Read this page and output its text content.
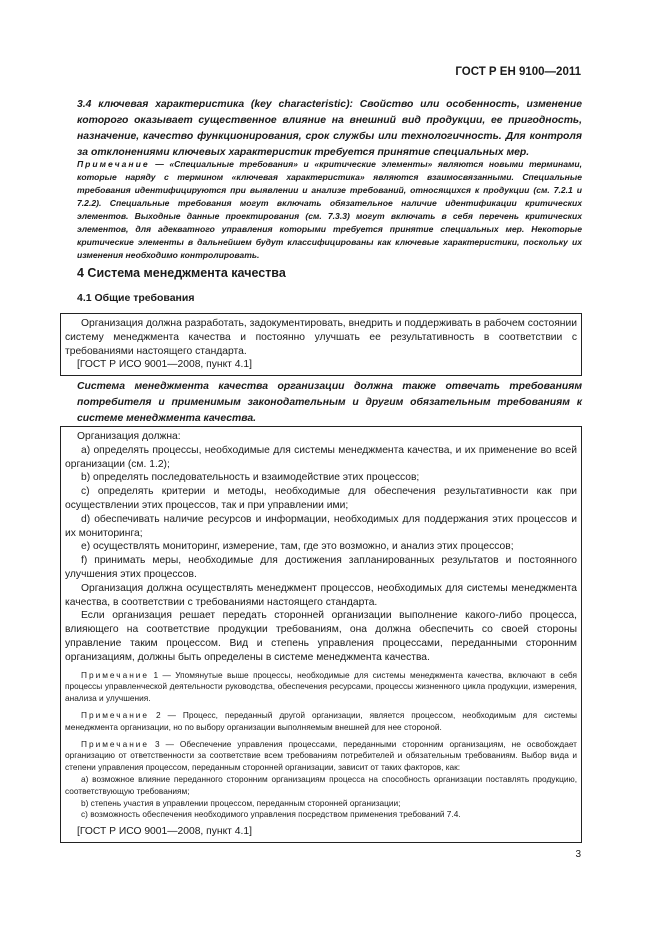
ГОСТ Р ЕН 9100—2011

3.4 ключевая характеристика (key characteristic): Свойство или особенность, изменение которого оказывает существенное влияние на внешний вид продукции, ее пригодность, назначение, качество функционирования, срок службы или технологичность. Для контроля за отклонениями ключевых характеристик требуется принятие специальных мер.

Примечание — «Специальные требования» и «критические элементы» являются новыми терминами, которые наряду с термином «ключевая характеристика» являются взаимосвязанными. Специальные требования идентифицируются при выявлении и анализе требований, относящихся к продукции (см. 7.2.1 и 7.2.2). Специальные требования могут включать обязательное наличие идентификации критических элементов. Выходные данные проектирования (см. 7.3.3) могут включать в себя перечень критических элементов, для адекватного управления которыми требуется принятие специальных мер. Некоторые критические элементы в дальнейшем будут классифицированы как ключевые характеристики, поскольку их изменения необходимо контролировать.
4 Система менеджмента качества
4.1 Общие требования

Организация должна разработать, задокументировать, внедрить и поддерживать в рабочем состоянии систему менеджмента качества и постоянно улучшать ее результативность в соответствии с требованиями настоящего стандарта.

[ГОСТ Р ИСО 9001—2008, пункт 4.1]

Система менеджмента качества организации должна также отвечать требованиям потребителя и применимым законодательным и другим обязательным требованиям к системе менеджмента качества.

Организация должна:

а) определять процессы, необходимые для системы менеджмента качества, и их применение во всей организации (см. 1.2);

b) определять последовательность и взаимодействие этих процессов;

с) определять критерии и методы, необходимые для обеспечения результативности как при осуществлении этих процессов, так и при управлении ими;

d) обеспечивать наличие ресурсов и информации, необходимых для поддержания этих процессов и их мониторинга;

е) осуществлять мониторинг, измерение, там, где это возможно, и анализ этих процессов;

f) принимать меры, необходимые для достижения запланированных результатов и постоянного улучшения этих процессов.

Организация должна осуществлять менеджмент процессов, необходимых для системы менеджмента качества, в соответствии с требованиями настоящего стандарта.

Если организация решает передать сторонней организации выполнение какого-либо процесса, влияющего на соответствие продукции требованиям, она должна обеспечить со своей стороны управление таким процессом. Вид и степень управления процессами, переданными сторонним организациям, должны быть определены в системе менеджмента качества.

Примечание 1 — Упомянутые выше процессы, необходимые для системы менеджмента качества, включают в себя процессы управленческой деятельности руководства, обеспечения ресурсами, процессы жизненного цикла продукции, измерения, анализа и улучшения.

Примечание 2 — Процесс, переданный другой организации, является процессом, необходимым для системы менеджмента организации, но по выбору организации выполняемым внешней для нее стороной.

Примечание 3 — Обеспечение управления процессами, переданными сторонним организациям, не освобождает организацию от ответственности за соответствие всем требованиям потребителей и обязательным требованиям. Выбор вида и степени управления процессом, переданным сторонней организации, зависит от таких факторов, как:

а) возможное влияние переданного сторонним организациям процесса на способность организации поставлять продукцию, соответствующую требованиям;

b) степень участия в управлении процессом, переданным сторонней организации;

с) возможность обеспечения необходимого управления посредством применения требований 7.4.

[ГОСТ Р ИСО 9001—2008, пункт 4.1]

3
